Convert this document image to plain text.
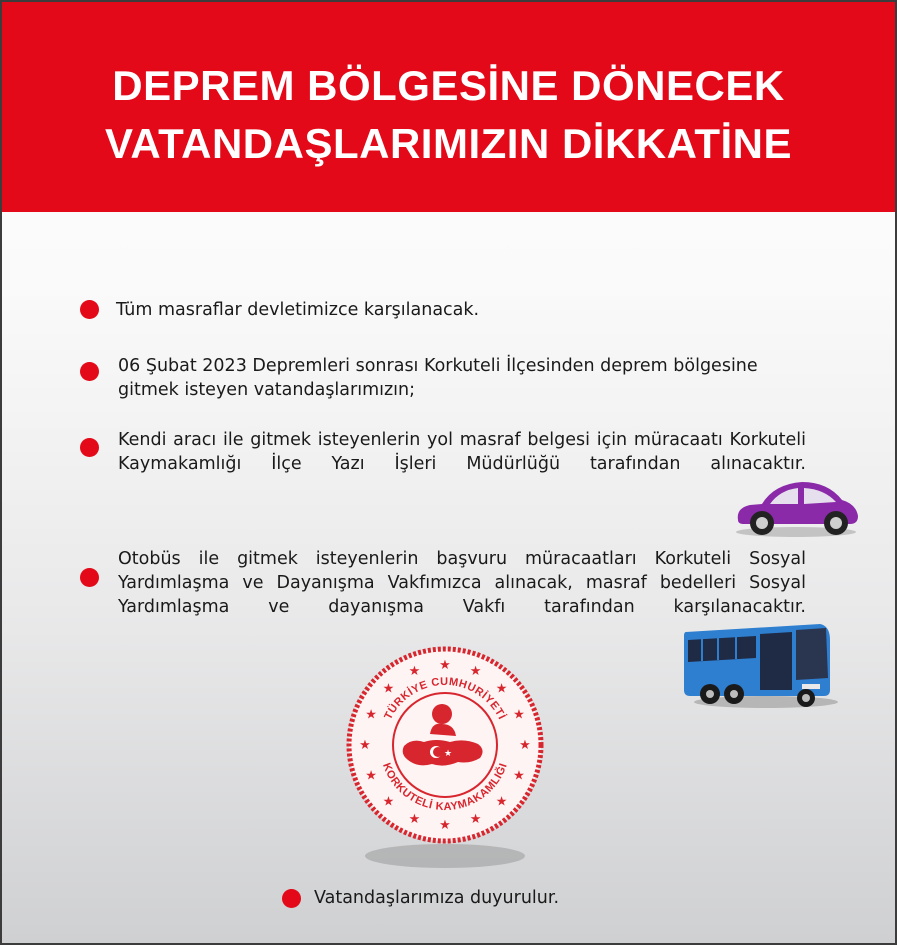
DEPREM BÖLGESİNE DÖNECEK
VATANDAŞLARIMIZIN DİKKATİNE
Tüm masraflar devletimizce karşılanacak.
06 Şubat 2023 Depremleri sonrası Korkuteli İlçesinden deprem bölgesine
gitmek isteyen vatandaşlarımızın;
Kendi aracı ile gitmek isteyenlerin yol masraf belgesi için müracaatı Korkuteli
Kaymakamlığı İlçe Yazı İşleri Müdürlüğü tarafından alınacaktır.
Otobüs ile gitmek isteyenlerin başvuru müracaatları Korkuteli Sosyal
Yardımlaşma ve Dayanışma Vakfımızca alınacak, masraf bedelleri Sosyal
Yardımlaşma ve dayanışma Vakfı tarafından karşılanacaktır.
★ ★
★
★
★
★
★
★
★
★
★
★
★
★
★
★
TÜRKİYE CUMHURİYETİ
KORKUTELİ KAYMAKAMLIĞI
★
Vatandaşlarımıza duyurulur.
